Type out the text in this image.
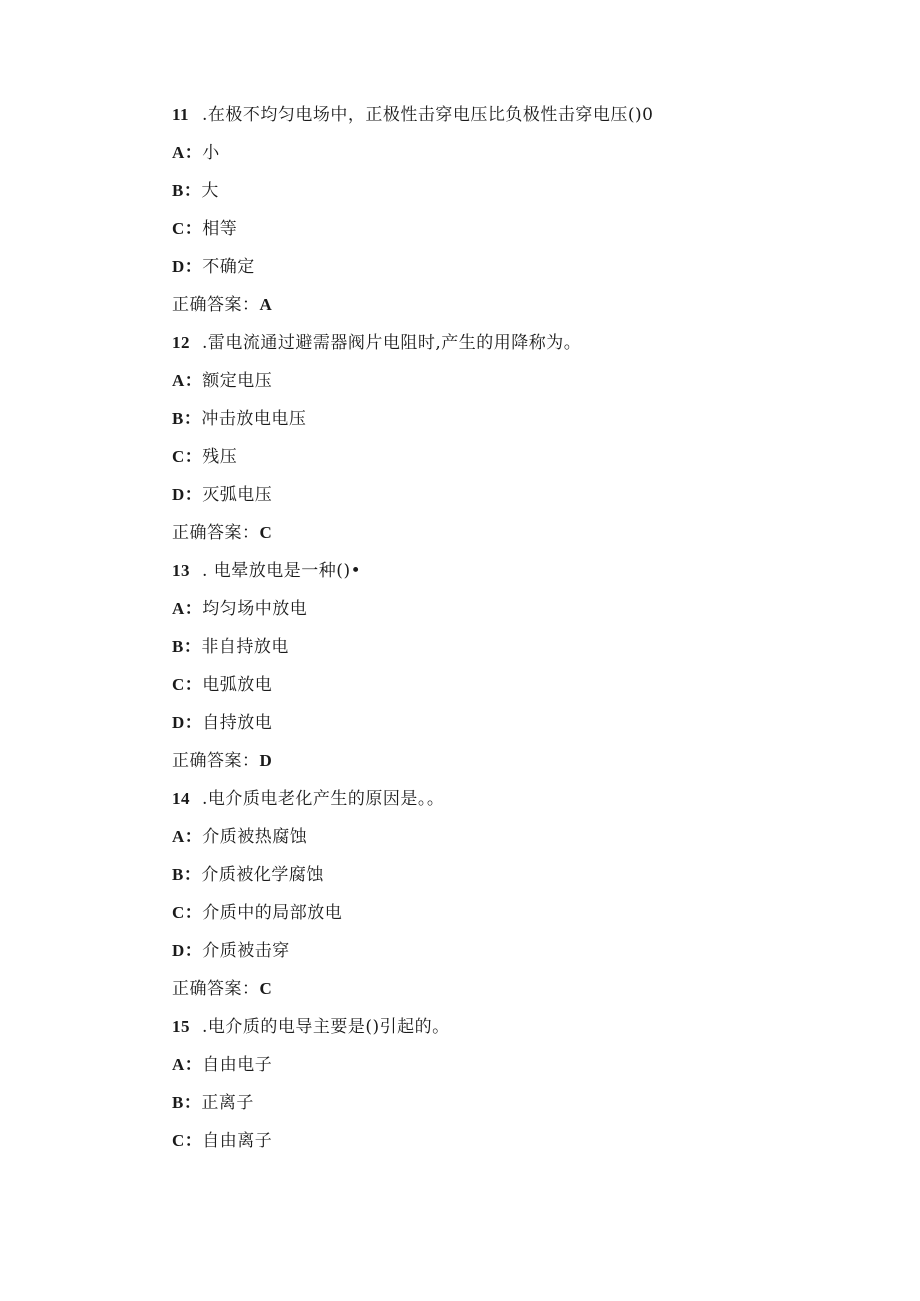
11 .在极不均匀电场中，正极性击穿电压比负极性击穿电压()0
A：小
B：大
C：相等
D：不确定
正确答案：A
12 .雷电流通过避需器阀片电阻时,产生的用降称为。
A：额定电压
B：冲击放电电压
C：残压
D：灭弧电压
正确答案：C
13 . 电晕放电是一种()•
A：均匀场中放电
B：非自持放电
C：电弧放电
D：自持放电
正确答案：D
14 .电介质电老化产生的原因是。。
A：介质被热腐蚀
B：介质被化学腐蚀
C：介质中的局部放电
D：介质被击穿
正确答案：C
15 .电介质的电导主要是()引起的。
A：自由电子
B：正离子
C：自由离子
